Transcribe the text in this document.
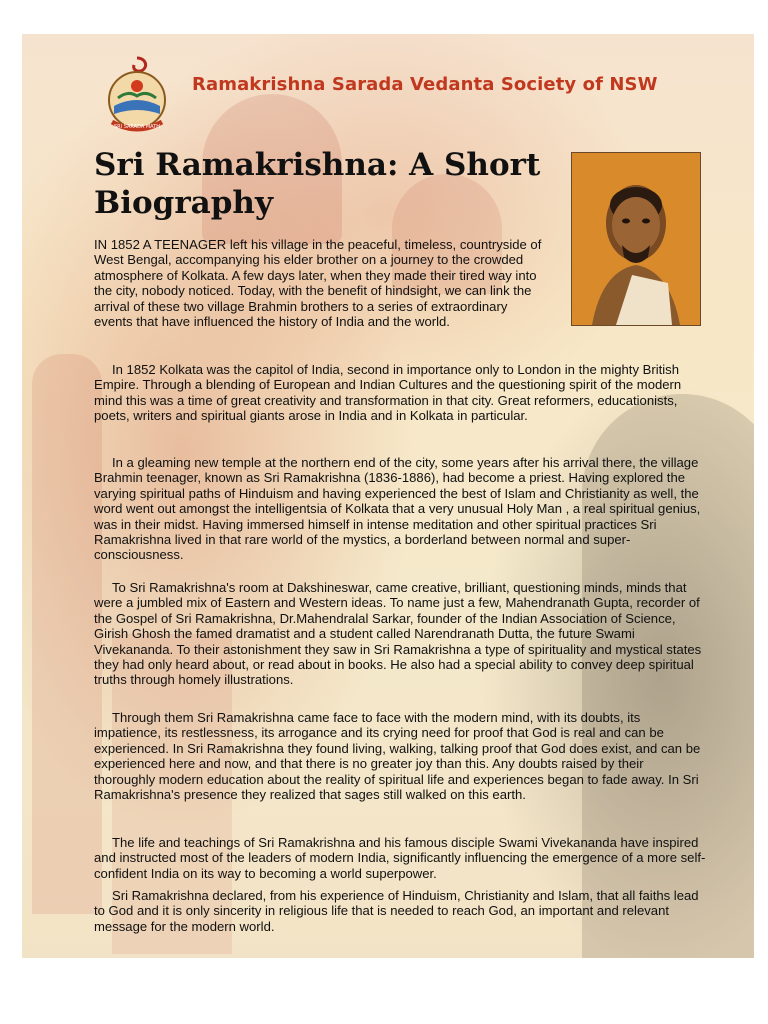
SRI SARADA MATH
Ramakrishna Sarada Vedanta Society of NSW
Sri Ramakrishna: A Short Biography

IN 1852 A TEENAGER left his village in the peaceful, timeless, countryside of West Bengal, accompanying his elder brother on a journey to the crowded atmosphere of Kolkata. A few days later, when they made their tired way into the city, nobody noticed. Today, with the benefit of hindsight, we can link the arrival of these two village Brahmin brothers to a series of extraordinary events that have influenced the history of India and the world.

In 1852 Kolkata was the capitol of India, second in importance only to London in the mighty British Empire. Through a blending of European and Indian Cultures and the questioning spirit of the modern mind this was a time of great creativity and transformation in that city. Great reformers, educationists, poets, writers and spiritual giants arose in India and in Kolkata in particular.

In a gleaming new temple at the northern end of the city, some years after his arrival there, the village Brahmin teenager, known as Sri Ramakrishna (1836-1886), had become a priest. Having explored the varying spiritual paths of Hinduism and having experienced the best of Islam and Christianity as well, the word went out amongst the intelligentsia of Kolkata that a very unusual Holy Man , a real spiritual genius, was in their midst. Having immersed himself in intense meditation and other spiritual practices Sri Ramakrishna lived in that rare world of the mystics, a borderland between normal and super-consciousness.

To Sri Ramakrishna's room at Dakshineswar, came creative, brilliant, questioning minds, minds that were a jumbled mix of Eastern and Western ideas. To name just a few, Mahendranath Gupta, recorder of the Gospel of Sri Ramakrishna, Dr.Mahendralal Sarkar, founder of the Indian Association of Science, Girish Ghosh the famed dramatist and a student called Narendranath Dutta, the future Swami Vivekananda. To their astonishment they saw in Sri Ramakrishna a type of spirituality and mystical states they had only heard about, or read about in books. He also had a special ability to convey deep spiritual truths through homely illustrations.

Through them Sri Ramakrishna came face to face with the modern mind, with its doubts, its impatience, its restlessness, its arrogance and its crying need for proof that God is real and can be experienced. In Sri Ramakrishna they found living, walking, talking proof that God does exist, and can be experienced here and now, and that there is no greater joy than this. Any doubts raised by their thoroughly modern education about the reality of spiritual life and experiences began to fade away. In Sri Ramakrishna's presence they realized that sages still walked on this earth.

The life and teachings of Sri Ramakrishna and his famous disciple Swami Vivekananda have inspired and instructed most of the leaders of modern India, significantly influencing the emergence of a more self-confident India on its way to becoming a world superpower.

Sri Ramakrishna declared, from his experience of Hinduism, Christianity and Islam, that all faiths lead to God and it is only sincerity in religious life that is needed to reach God, an important and relevant message for the modern world.
